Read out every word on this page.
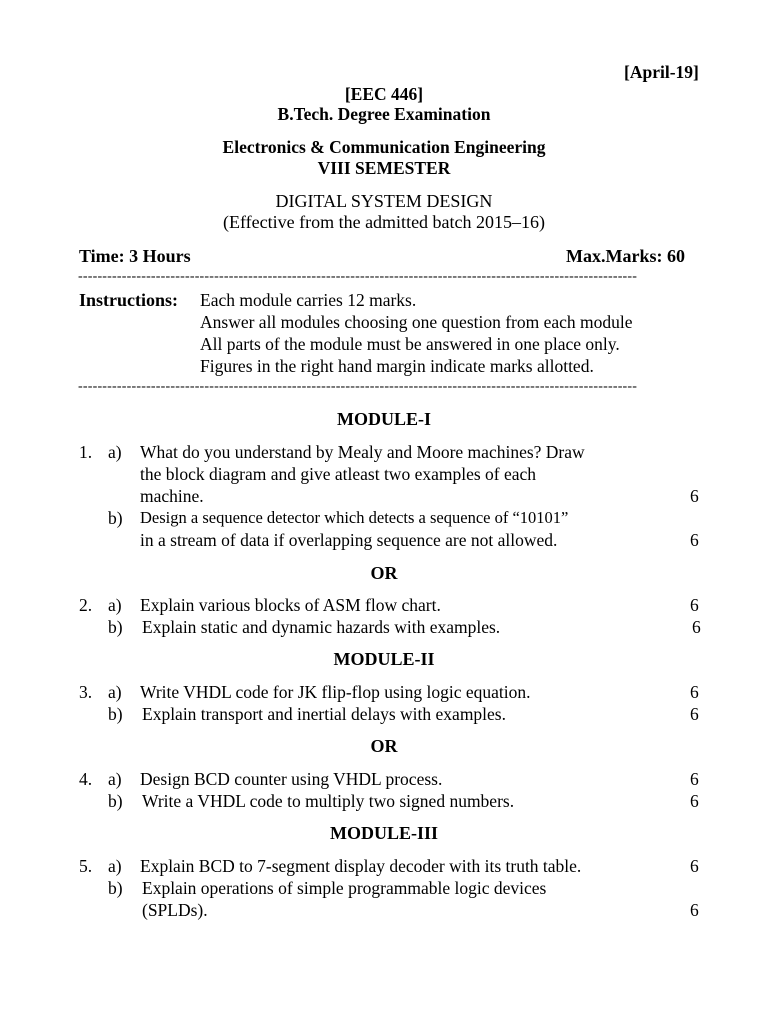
[April-19]
[EEC 446]
B.Tech. Degree Examination
Electronics & Communication Engineering
VIII SEMESTER
DIGITAL SYSTEM DESIGN
(Effective from the admitted batch 2015–16)
Time: 3 Hours	Max.Marks: 60
-------------------------------------------------------------------------------------------------------------------
Instructions: Each module carries 12 marks.
Answer all modules choosing one question from each module
All parts of the module must be answered in one place only.
Figures in the right hand margin indicate marks allotted.
-------------------------------------------------------------------------------------------------------------------
MODULE-I
1. a) What do you understand by Mealy and Moore machines? Draw
the block diagram and give atleast two examples of each
machine.	6
b) Design a sequence detector which detects a sequence of “10101”
in a stream of data if overlapping sequence are not allowed.	6
OR
2. a) Explain various blocks of ASM flow chart.	6
b) Explain static and dynamic hazards with examples.	6
MODULE-II
3. a) Write VHDL code for JK flip-flop using logic equation.	6
b) Explain transport and inertial delays with examples.	6
OR
4. a) Design BCD counter using VHDL process.	6
b) Write a VHDL code to multiply two signed numbers.	6
MODULE-III
5. a) Explain BCD to 7-segment display decoder with its truth table.	6
b) Explain operations of simple programmable logic devices
(SPLDs).	6
